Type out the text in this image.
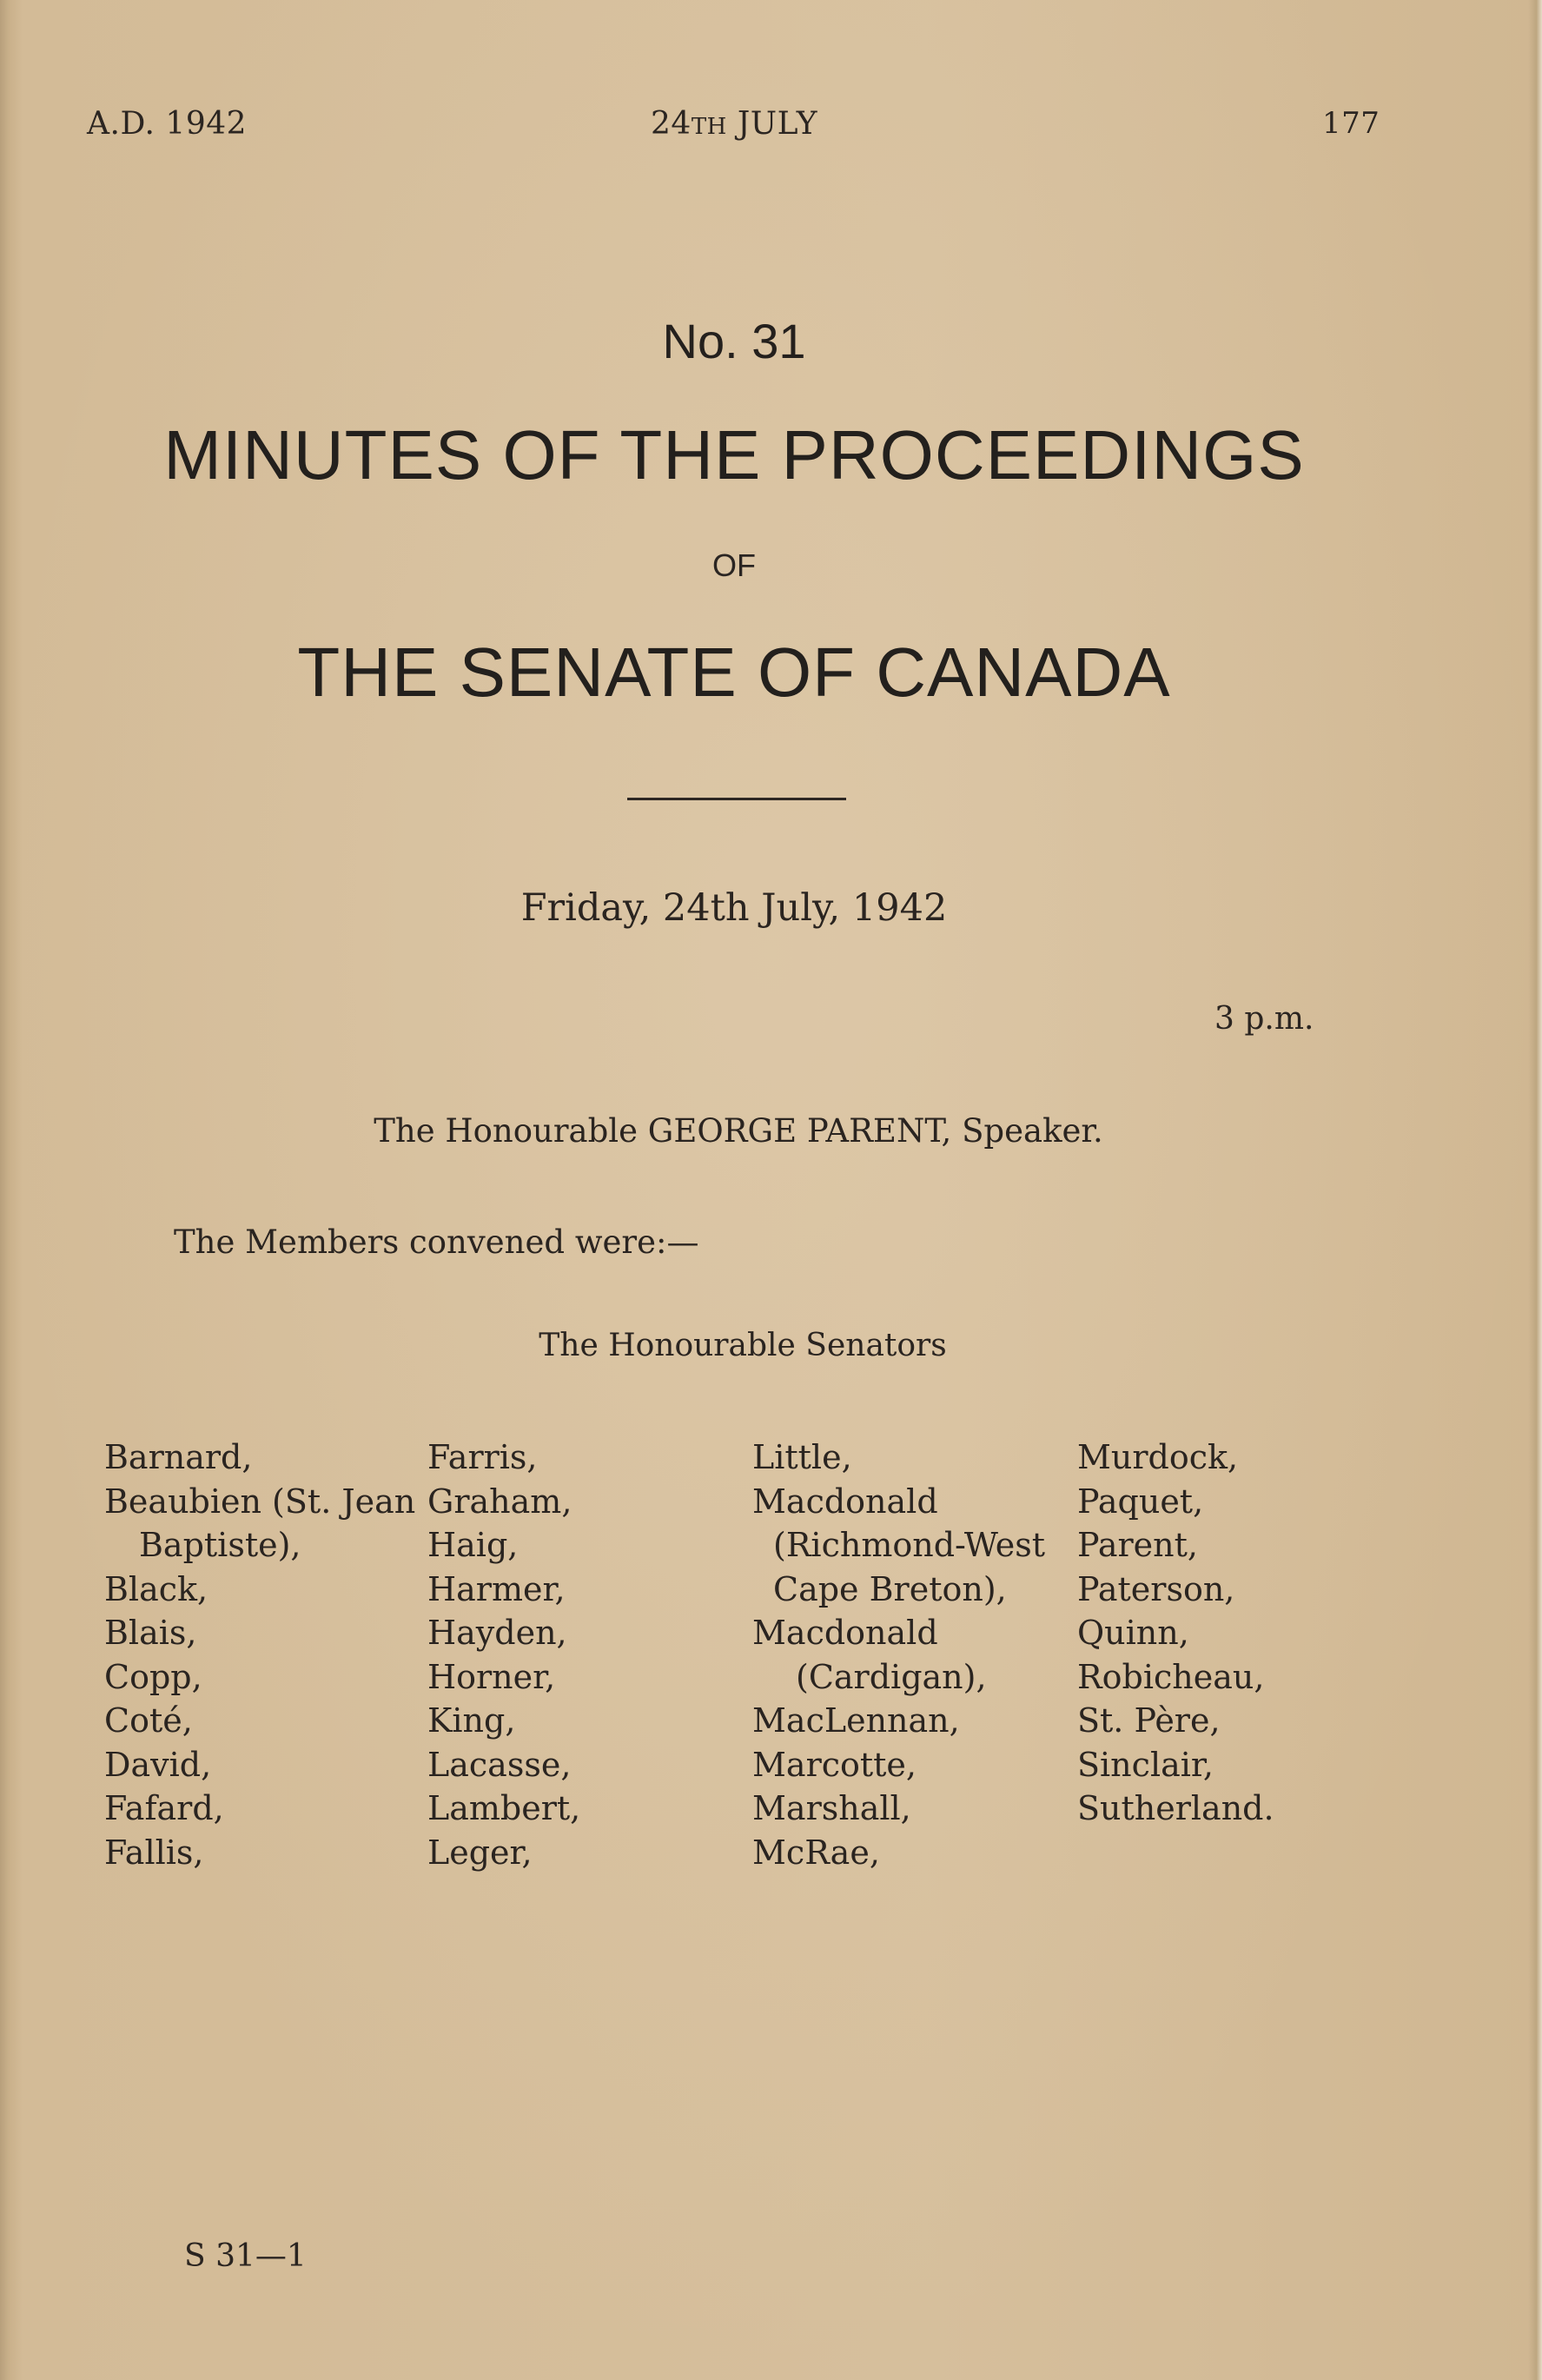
A.D. 1942	24TH JULY	177
No. 31
MINUTES OF THE PROCEEDINGS
OF
THE SENATE OF CANADA
Friday, 24th July, 1942
3 p.m.
The Honourable GEORGE PARENT, Speaker.
The Members convened were:—
The Honourable Senators
Barnard,
Beaubien (St. Jean
Baptiste),
Black,
Blais,
Copp,
Coté,
David,
Fafard,
Fallis,
Farris,
Graham,
Haig,
Harmer,
Hayden,
Horner,
King,
Lacasse,
Lambert,
Leger,
Little,
Macdonald
(Richmond-West
Cape Breton),
Macdonald
(Cardigan),
MacLennan,
Marcotte,
Marshall,
McRae,
Murdock,
Paquet,
Parent,
Paterson,
Quinn,
Robicheau,
St. Père,
Sinclair,
Sutherland.
S 31—1
